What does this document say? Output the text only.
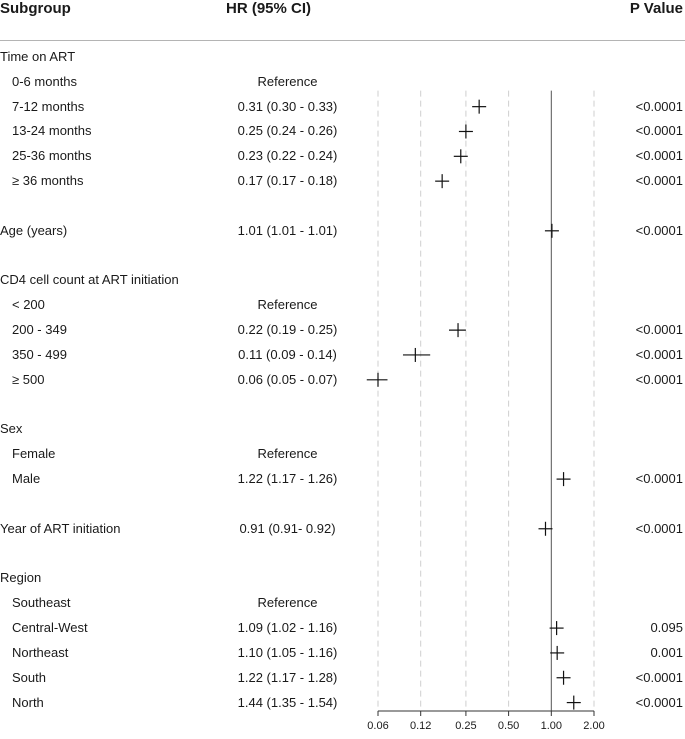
Subgroup	HR (95% CI)	P Value
Time on ART
0-6 months	Reference
7-12 months	0.31 (0.30 - 0.33)	<0.0001
13-24 months	0.25 (0.24 - 0.26)	<0.0001
25-36 months	0.23 (0.22 - 0.24)	<0.0001
≥ 36 months	0.17 (0.17 - 0.18)	<0.0001
Age (years)	1.01 (1.01 - 1.01)	<0.0001
CD4 cell count at ART initiation
< 200	Reference
200 - 349	0.22 (0.19 - 0.25)	<0.0001
350 - 499	0.11 (0.09 - 0.14)	<0.0001
≥ 500	0.06 (0.05 - 0.07)	<0.0001
Sex
Female	Reference
Male	1.22 (1.17 - 1.26)	<0.0001
Year of ART initiation	0.91 (0.91- 0.92)	<0.0001
Region
Southeast	Reference
Central-West	1.09 (1.02 - 1.16)	0.095
Northeast	1.10 (1.05 - 1.16)	0.001
South	1.22 (1.17 - 1.28)	<0.0001
North	1.44 (1.35 - 1.54)	<0.0001
0.06 0.12 0.25 0.50 1.00 2.00
